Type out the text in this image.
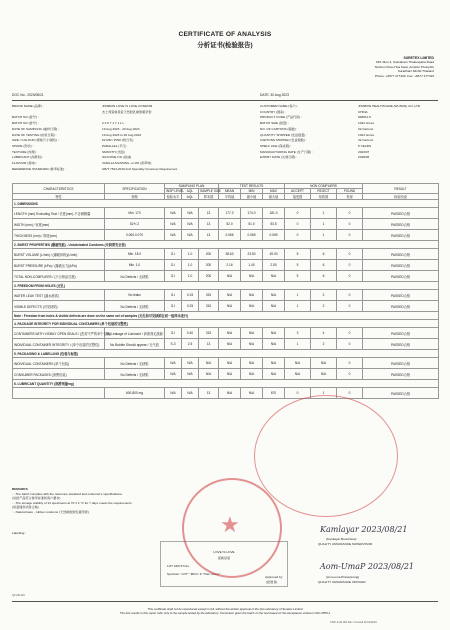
CERTIFICATE OF ANALYSIS
分析证书(检验报告)
SURETEX LIMITED
33/1 Moo 4, Suksaharn Thakuaparia Road
Tambon Khao Hua Kwai, Amphur Phunphin
Suratthani 84130 Thailand
Phone: +6677 277400, Fax: +6677 277415
DOC No.: 2023/08/21	DATE: 30 Aug 2023
BRAND NAME (品牌) :	JISSBON LOVE IS LOVE CONDOM
杰士邦爱就是爱天然胶乳橡胶避孕套
BATCH NO (批号) :
BATCH NO (批号) :	2 3 0 7 1 7 1 L L
DATE OF SAMPLING (抽样日期) :	19 Aug 2023 - 20 Aug 2023
DATE OF TESTING (检验日期) :	19 Aug 2023 to 20 Aug 2023
SIZE / COLOUR (规格尺寸/颜色) :	52 MM / PINK (粉红色)
SHAPE (形状) :	PARALLEL (平行)
TEXTURE (纹理) :	SMOOTH (光面)
LUBRICANT (润滑剂) :	SILICONE OIL (硅油)
FLAVOUR (香味) :	VANILLA MASSING +1.0% (香草味)
REFERENCE STANDARD (参考标准) :	GB/T 7544-2019 And Specialty Customer Requirement
CUSTOMER NAME (客户) :	JISSBON HEALTHCARE (WUHAN) CO.,LTD
COUNTRY (国家) :	CHINA
PRODUCT CODE (产品代码) :	848511-5
BATCH SIZE (批量) :	1024 Gross
NO. OF CARTONS (箱数) :	32 Cartons
QUANTITY SHIPPED (发货数量) :	1024 Gross
CARTONS SHIPPED (发货箱数) :	32 Cartons
SHELF LIFE (保质期) :	5 YEARS
MANUFACTURING DATE (生产日期) :	2023/07
EXPIRY DATE (失效日期) :	2028/06
CHARACTERISTICS	SPECIFICATION	SAMPLING PLAN			TEST RESULTS			NON COMPLIERS			RESULT
		INSP LEVEL	AQL	SAMPLE SIZE	MEAN	MIN	MAX	ACCEPT	REJECT	FOUND	
特性	规格	检验水平	AQL	样本数	平均值	最小值	最大值	接受数	拒收数	发现	检验结论
1. DIMENSIONS											
LENGTH (mm) Excluding Teat / 长度(mm)-不含储精囊	Min. 170	N/A	N/A	13	177.3	174.0	181.0	0	1	0	PASSED合格
WIDTH (mm) / 宽度(mm)	52+/-2	N/A	N/A	13	52.0	51.0	53.5	0	1	0	PASSED合格
THICKNESS (mm) / 厚度(mm)	0.060-0.070	N/A	N/A	13	0.066	0.065	0.069	0	1	0	PASSED合格
2. BURST PROPERTIES (爆破性能) - Unlubricated Condoms (未润滑安全套)											
BURST VOLUME (L/min) / (爆破体积)(L/min)	Min. 18.0	G-I	1.0	200	38.63	23.50	49.00	5	6	0	PASSED合格
BURST PRESSURE (kPa) / (爆破压力)(kPa)	Min. 1.0	G-I	1.0	200	2.16	1.40	2.50	5	6	0	PASSED合格
TOTAL NON-COMPLIERS / (不合格品总数)	No Defects / 无缺陷	G-I	1.0	200	N/A	N/A	N/A	5	6	0	PASSED合格
3. FREEDOM FROM HOLES (无孔)											
WATER LEAK TEST (漏水测试)	No leaks	G-I	0.15	315	N/A	N/A	N/A	1	2	0	PASSED合格
VISIBLE DEFECTS (可见缺陷)	No Defects / 无缺陷	G-I	0.25	315	N/A	N/A	N/A	1	2	0	PASSED合格
Note : Freedom from holes & visible defects are done on the same set of samples (无孔和可见缺陷在同一组样本进行)											
4. PACKAGE INTEGRITY FOR INDIVIDUAL CONTAINERS (单个包装的完整性)											
CONTAINERS WITH VISIBLY OPEN SEALS / (密封不严的单个包装)	No Leakage of Lubricant / 润滑剂无泄漏	G-I	0.40	315	N/A	N/A	N/A	3	4	0	PASSED合格
INDIVIDUAL CONTAINER INTEGRITY / (单个包装的完整性)	No Bubble Should appear / 无气泡	S-3	2.5	13	N/A	N/A	N/A	1	2	0	PASSED合格
5. PACKAGING & LABELLING (包装与标签)											
INDIVIDUAL CONTAINERS (单个包装)	No Defects / 无缺陷	N/A	N/A	N/A	N/A	N/A	N/A	N/A	N/A	0	PASSED合格
CONSUMER PACKAGES (消费包装)	No Defects / 无缺陷	N/A	N/A	N/A	N/A	N/A	N/A	N/A	N/A	0	PASSED合格
6. LUBRICANT QUANTITY (润滑剂量mg)											
	600-800 mg	N/A	N/A	13	N/A	N/A	670	0	1	0	PASSED合格
REMARKS
: - The batch complies with the reference standard and customer's specifications
(该批产品符合参考标准和客户要求)
: - The storage stability of 13 specimens at 70 ± 2 °C for 7 days meets the requirements
(常温储存试验合格)
: - Natural latex - rubber condoms (天然橡胶胶乳避孕套)
Labelling :
LOVE IS LOVE
爱就是爱
LOT 2307171LL
Symbols: "LOT" "MFG" & "Hour Glass"
Kamlayar 2023/08/21
(Kamlayar Boonkhow)
QUALITY ASSURANCE SUPERVISOR
Aom-UmaP 2023/08/21
(Aom-uma Prasertpong)
QUALITY ASSURANCE OFFICER
Approved by
(批准者)
★
QF-FB-116
This certificate shall not be reproduced except in full, without the written approval of the QA Laboratory of Suretex Limited
The test results in this report refer only to the sample tested by the laboratory. Conclusion given the batch on the test based on the Acceptance criteria in ISO 2859-1
CS/F-F-20-001 Rev 1 Issued 11/12/2019
